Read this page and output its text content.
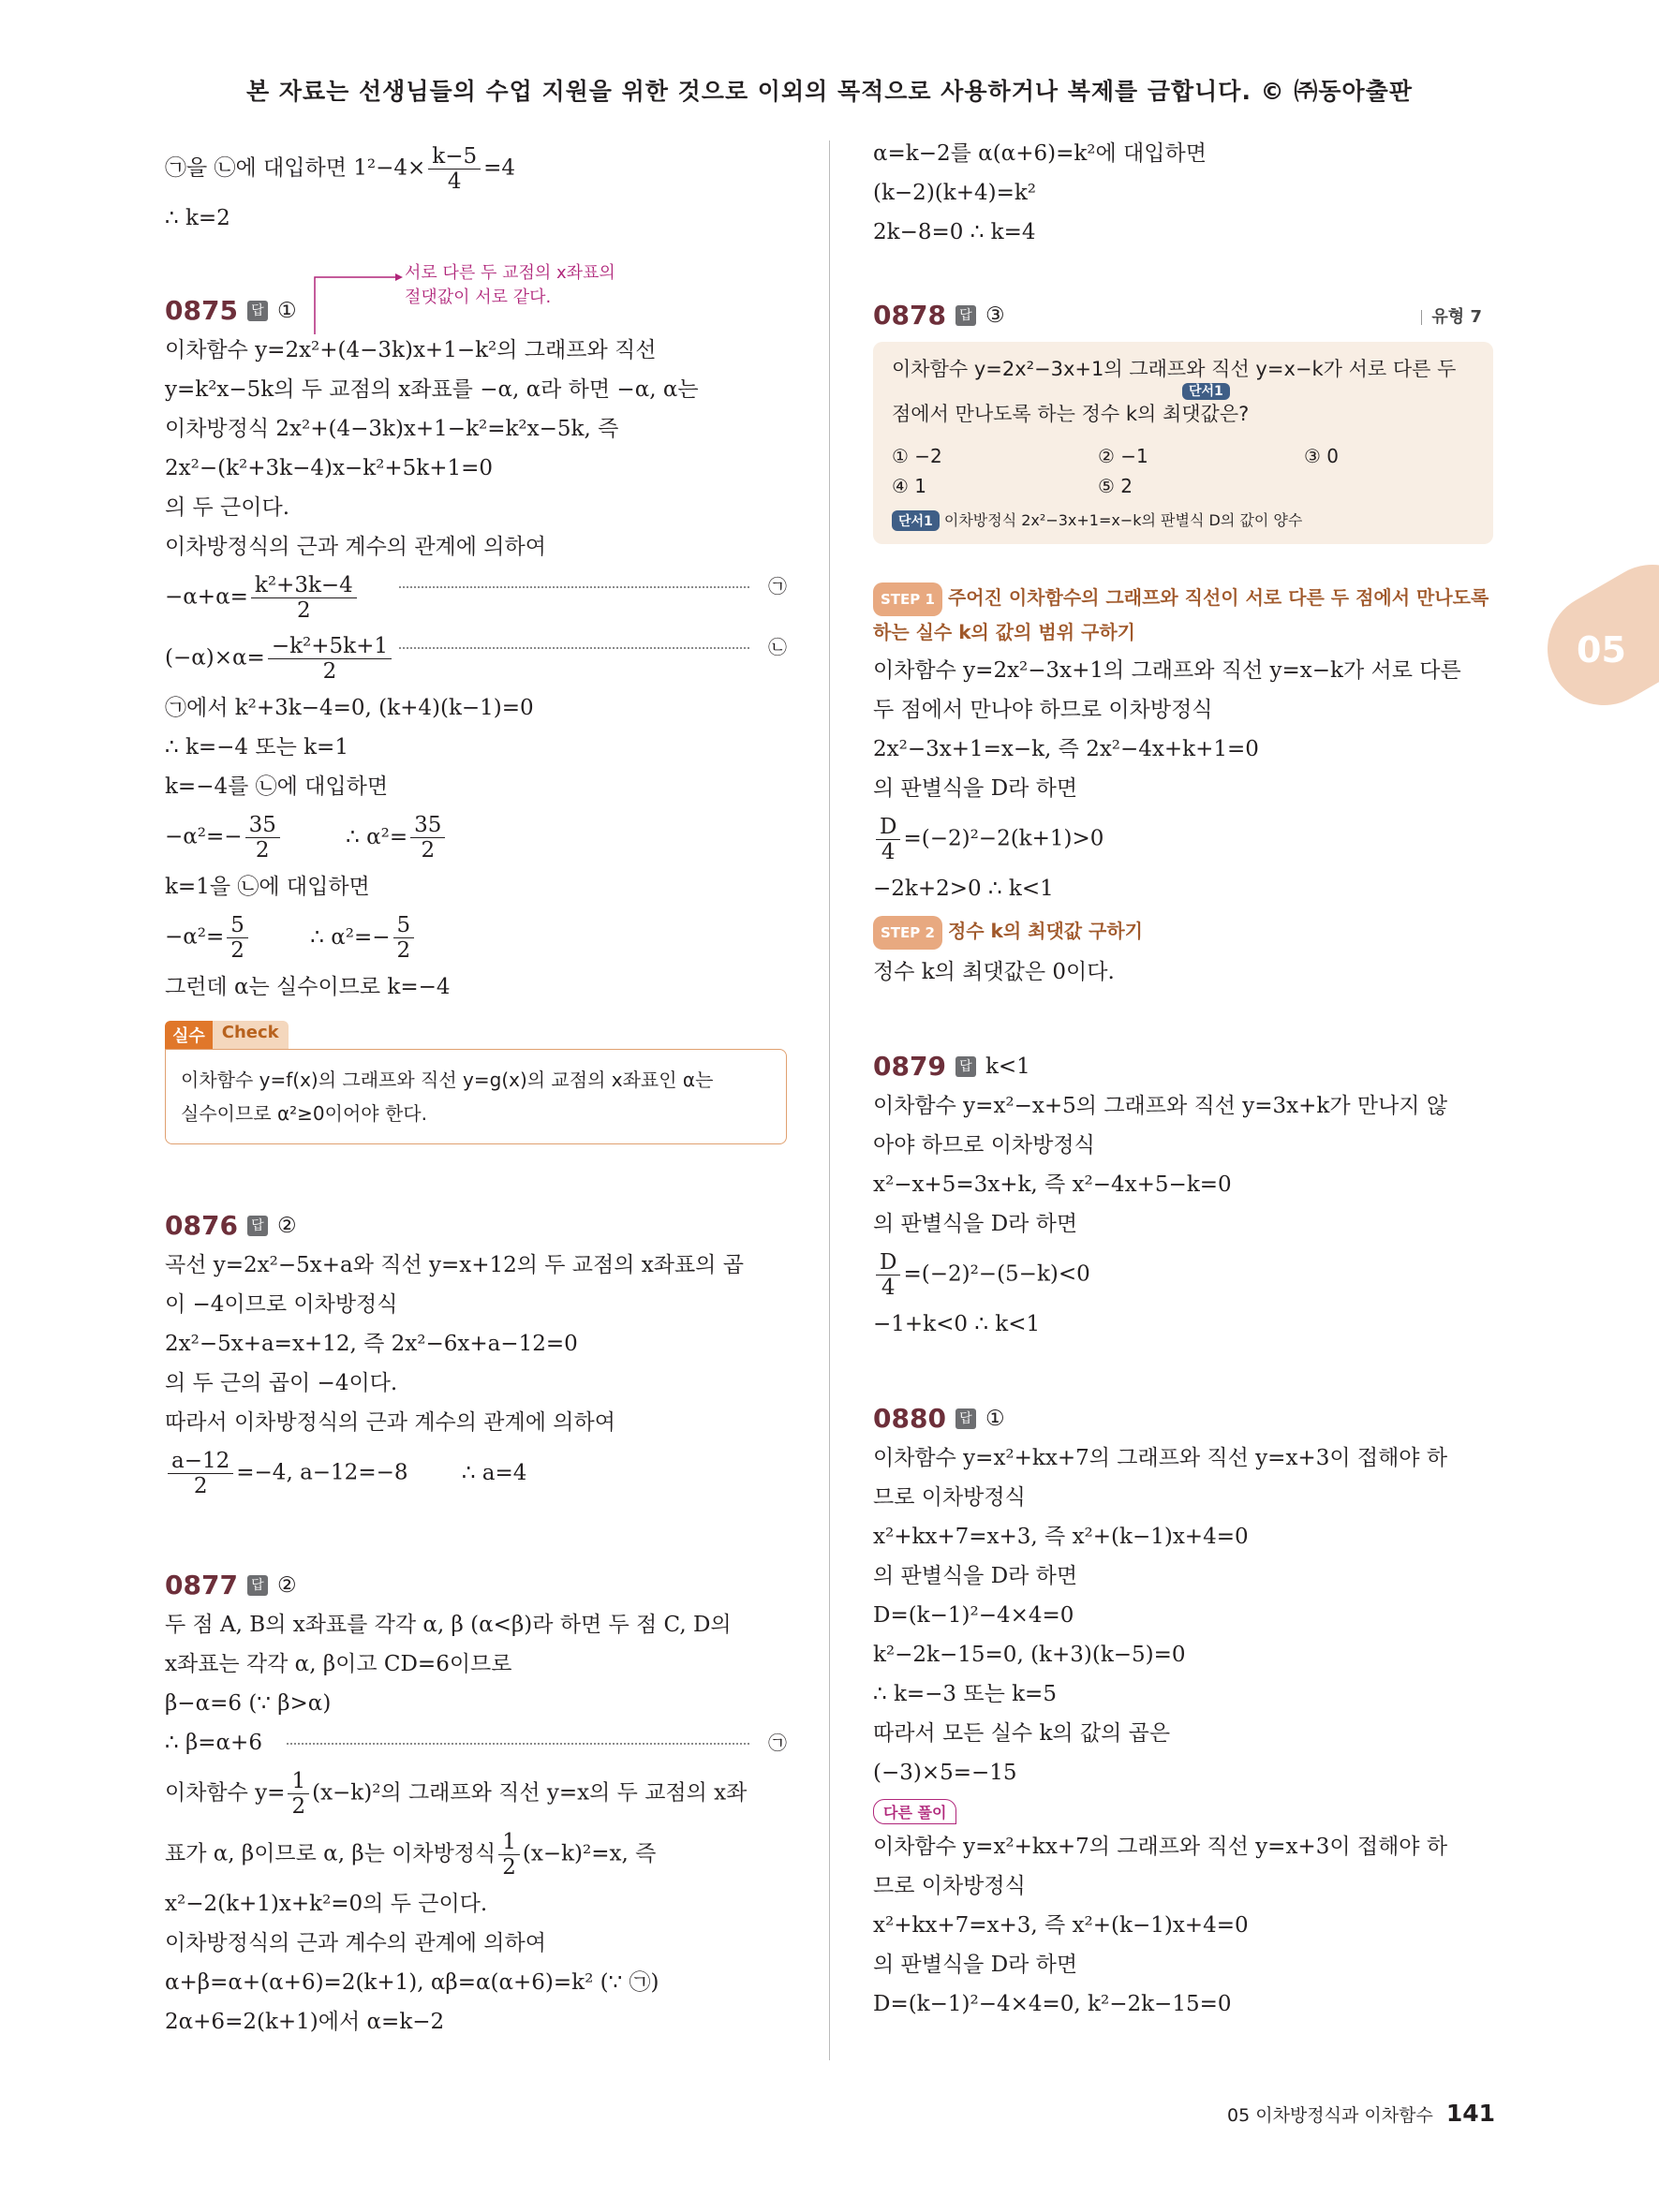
본 자료는 선생님들의 수업 지원을 위한 것으로 이외의 목적으로 사용하거나 복제를 금합니다. © ㈜동아출판
05
㉠을 ㉡에 대입하면 $1^2-4\times \frac{k-5}{4} =4$
∴ k=2
서로 다른 두 교점의 x좌표의
절댓값이 서로 같다.
0875	답 ①
이차함수 y=2x²+(4−3k)x+1−k²의 그래프와 직선
y=k²x−5k의 두 교점의 x좌표를 −α, α라 하면 −α, α는
이차방정식 2x²+(4−3k)x+1−k²=k²x−5k, 즉
2x²−(k²+3k−4)x−k²+5k+1=0
의 두 근이다.
이차방정식의 근과 계수의 관계에 의하여
$-\alpha+\alpha= \frac{\text{k²+3k−4}}{2}$	㉠
$(-\alpha)\times\alpha= \frac{\text{−k²+5k+1}}{2}$	㉡
㉠에서 k²+3k−4=0, (k+4)(k−1)=0
∴ k=−4 또는 k=1
k=−4를 ㉡에 대입하면
$-\alpha^2=- \frac{35}{2}$	∴ $\alpha^2= \frac{35}{2}$
k=1을 ㉡에 대입하면
$-\alpha^2= \frac{5}{2}$	∴ $\alpha^2=- \frac{5}{2}$
그런데 α는 실수이므로 k=−4
실수	Check
이차함수 y=f(x)의 그래프와 직선 y=g(x)의 교점의 x좌표인 α는
실수이므로 α²≥0이어야 한다.
0876	답 ②
곡선 y=2x²−5x+a와 직선 y=x+12의 두 교점의 x좌표의 곱
이 −4이므로 이차방정식
2x²−5x+a=x+12, 즉 2x²−6x+a−12=0
의 두 근의 곱이 −4이다.
따라서 이차방정식의 근과 계수의 관계에 의하여
$\frac{a-12}{2} =-4$, a−12=−8 ∴ a=4
0877	답 ②
두 점 A, B의 x좌표를 각각 α, β (α<β)라 하면 두 점 C, D의
x좌표는 각각 α, β이고 CD=6이므로
β−α=6 (∵ β>α)
∴ β=α+6	㉠
이차함수 $y= \frac{1}{2} (x-k)^2$의 그래프와 직선 y=x의 두 교점의 x좌
표가 α, β이므로 α, β는 이차방정식 $\frac{1}{2} (x-k)^2=x$, 즉
x²−2(k+1)x+k²=0의 두 근이다.
이차방정식의 근과 계수의 관계에 의하여
α+β=α+(α+6)=2(k+1), αβ=α(α+6)=k² (∵ ㉠)
2α+6=2(k+1)에서 α=k−2
α=k−2를 α(α+6)=k²에 대입하면
(k−2)(k+4)=k²
2k−8=0 ∴ k=4
0878	답 ③	유형 7
이차함수 y=2x²−3x+1의 그래프와 직선 y=x−k가 서로 다른 두
단서1
점에서 만나도록 하는 정수 k의 최댓값은?
① −2	② −1	③ 0
④ 1	⑤ 2
단서1 이차방정식 2x²−3x+1=x−k의 판별식 D의 값이 양수
STEP 1 주어진 이차함수의 그래프와 직선이 서로 다른 두 점에서 만나도록
하는 실수 k의 값의 범위 구하기
이차함수 y=2x²−3x+1의 그래프와 직선 y=x−k가 서로 다른
두 점에서 만나야 하므로 이차방정식
2x²−3x+1=x−k, 즉 2x²−4x+k+1=0
의 판별식을 D라 하면
$\frac{D}{4} =(-2)^2-2(k+1)>0$
−2k+2>0 ∴ k<1
STEP 2 정수 k의 최댓값 구하기
정수 k의 최댓값은 0이다.
0879	답 k<1
이차함수 y=x²−x+5의 그래프와 직선 y=3x+k가 만나지 않
아야 하므로 이차방정식
x²−x+5=3x+k, 즉 x²−4x+5−k=0
의 판별식을 D라 하면
$\frac{D}{4} =(-2)^2-(5-k)<0$
−1+k<0 ∴ k<1
0880	답 ①
이차함수 y=x²+kx+7의 그래프와 직선 y=x+3이 접해야 하
므로 이차방정식
x²+kx+7=x+3, 즉 x²+(k−1)x+4=0
의 판별식을 D라 하면
D=(k−1)²−4×4=0
k²−2k−15=0, (k+3)(k−5)=0
∴ k=−3 또는 k=5
따라서 모든 실수 k의 값의 곱은
(−3)×5=−15
다른 풀이
이차함수 y=x²+kx+7의 그래프와 직선 y=x+3이 접해야 하
므로 이차방정식
x²+kx+7=x+3, 즉 x²+(k−1)x+4=0
의 판별식을 D라 하면
D=(k−1)²−4×4=0, k²−2k−15=0
05 이차방정식과 이차함수 141
